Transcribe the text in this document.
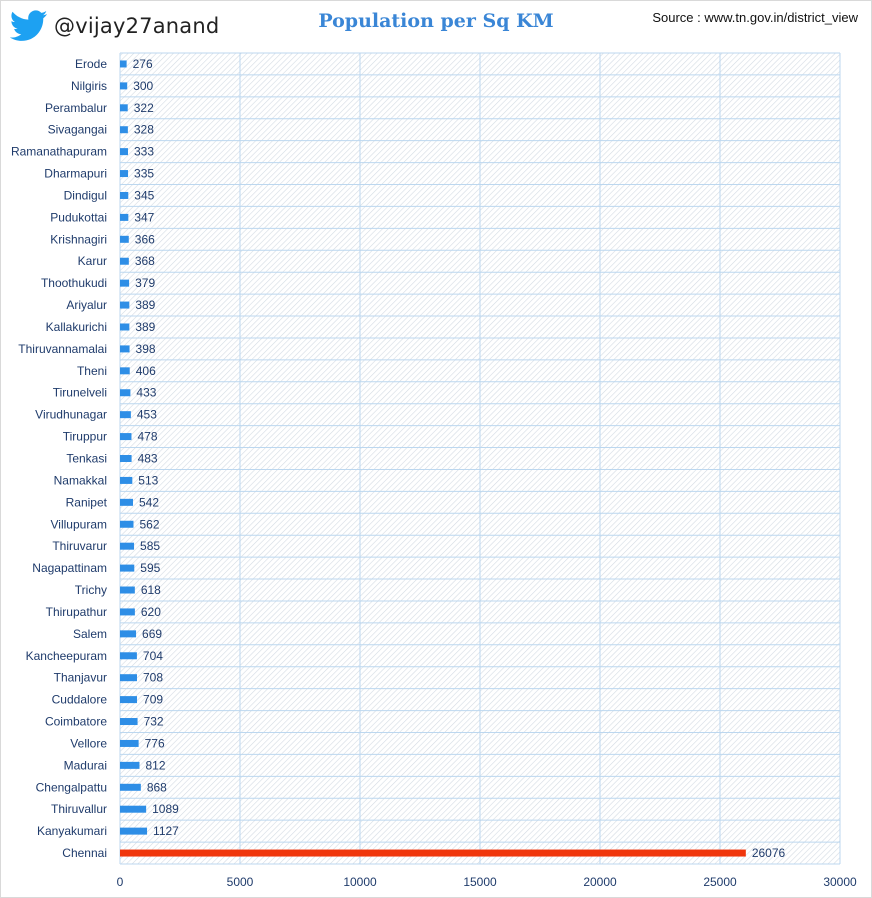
@vijay27anand	Population per Sq KM	Source : www.tn.gov.in/district_view
Erode
Nilgiris
Perambalur
Sivagangai
Ramanathapuram
Dharmapuri
Dindigul
Pudukottai
Krishnagiri
Karur
Thoothukudi
Ariyalur
Kallakurichi
Thiruvannamalai
Theni
Tirunelveli
Virudhunagar
Tiruppur
Tenkasi
Namakkal
Ranipet
Villupuram
Thiruvarur
Nagapattinam
Trichy
Thirupathur
Salem
Kancheepuram
Thanjavur
Cuddalore
Coimbatore
Vellore
Madurai
Chengalpattu
Thiruvallur
Kanyakumari
Chennai
276
300
322
328
333
335
345
347
366
368
379
389
389
398
406
433
453
478
483
513
542
562
585
595
618
620
669
704
708
709
732
776
812
868
1089
1127
26076
0	5000	10000	15000	20000	25000	30000
